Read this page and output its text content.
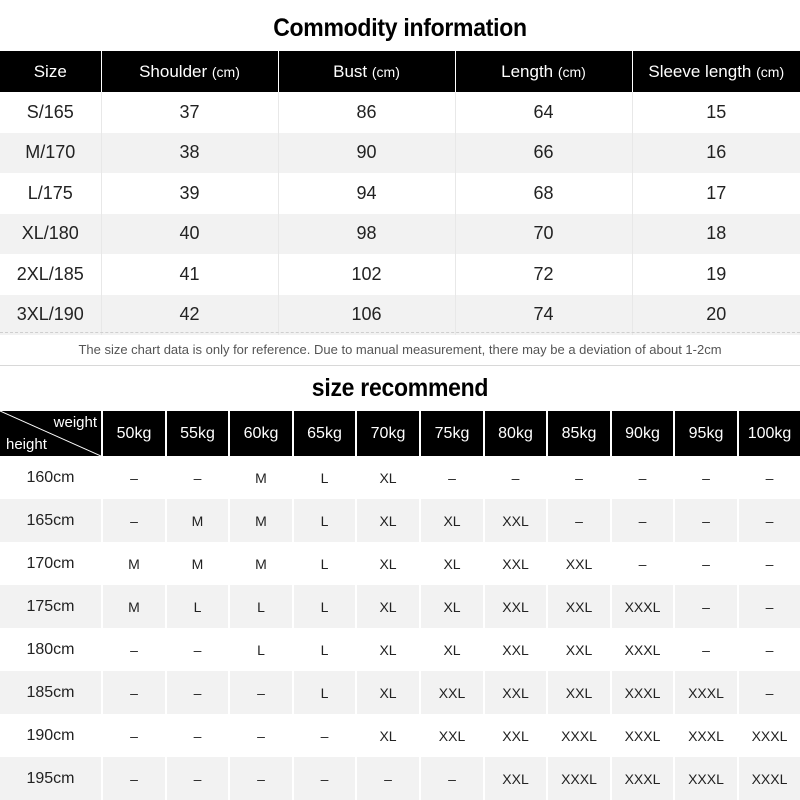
Commodity information
Size	Shoulder (cm)	Bust (cm)	Length (cm)	Sleeve length (cm)
S/165	37	86	64	15
M/170	38	90	66	16
L/175	39	94	68	17
XL/180	40	98	70	18
2XL/185	41	102	72	19
3XL/190	42	106	74	20
The size chart data is only for reference. Due to manual measurement, there may be a deviation of about 1-2cm
size recommend
weight
height	50kg	55kg	60kg	65kg	70kg	75kg	80kg	85kg	90kg	95kg	100kg
160cm	–	–	M	L	XL	–	–	–	–	–	–
165cm	–	M	M	L	XL	XL	XXL	–	–	–	–
170cm	M	M	M	L	XL	XL	XXL	XXL	–	–	–
175cm	M	L	L	L	XL	XL	XXL	XXL	XXXL	–	–
180cm	–	–	L	L	XL	XL	XXL	XXL	XXXL	–	–
185cm	–	–	–	L	XL	XXL	XXL	XXL	XXXL	XXXL	–
190cm	–	–	–	–	XL	XXL	XXL	XXXL	XXXL	XXXL	XXXL
195cm	–	–	–	–	–	–	XXL	XXXL	XXXL	XXXL	XXXL
